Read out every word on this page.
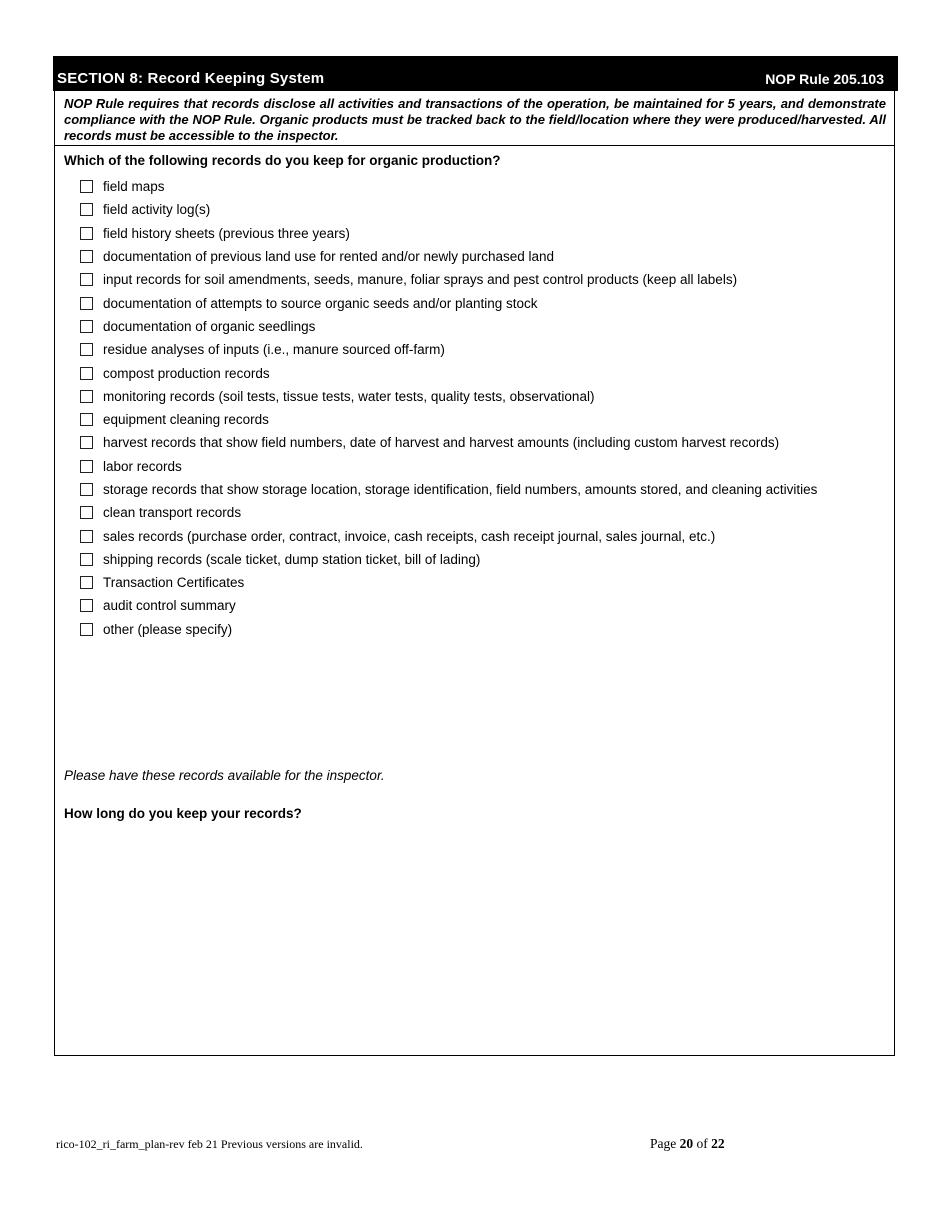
SECTION 8: Record Keeping System	NOP Rule 205.103
NOP Rule requires that records disclose all activities and transactions of the operation, be maintained for 5 years, and demonstrate compliance with the NOP Rule. Organic products must be tracked back to the field/location where they were produced/harvested. All records must be accessible to the inspector.
Which of the following records do you keep for organic production?
field maps
field activity log(s)
field history sheets (previous three years)
documentation of previous land use for rented and/or newly purchased land
input records for soil amendments, seeds, manure, foliar sprays and pest control products (keep all labels)
documentation of attempts to source organic seeds and/or planting stock
documentation of organic seedlings
residue analyses of inputs (i.e., manure sourced off-farm)
compost production records
monitoring records (soil tests, tissue tests, water tests, quality tests, observational)
equipment cleaning records
harvest records that show field numbers, date of harvest and harvest amounts (including custom harvest records)
labor records
storage records that show storage location, storage identification, field numbers, amounts stored, and cleaning activities
clean transport records
sales records (purchase order, contract, invoice, cash receipts, cash receipt journal, sales journal, etc.)
shipping records (scale ticket, dump station ticket, bill of lading)
Transaction Certificates
audit control summary
other (please specify)
Please have these records available for the inspector.
How long do you keep your records?
rico-102_ri_farm_plan-rev feb 21 Previous versions are invalid.	Page 20 of 22
